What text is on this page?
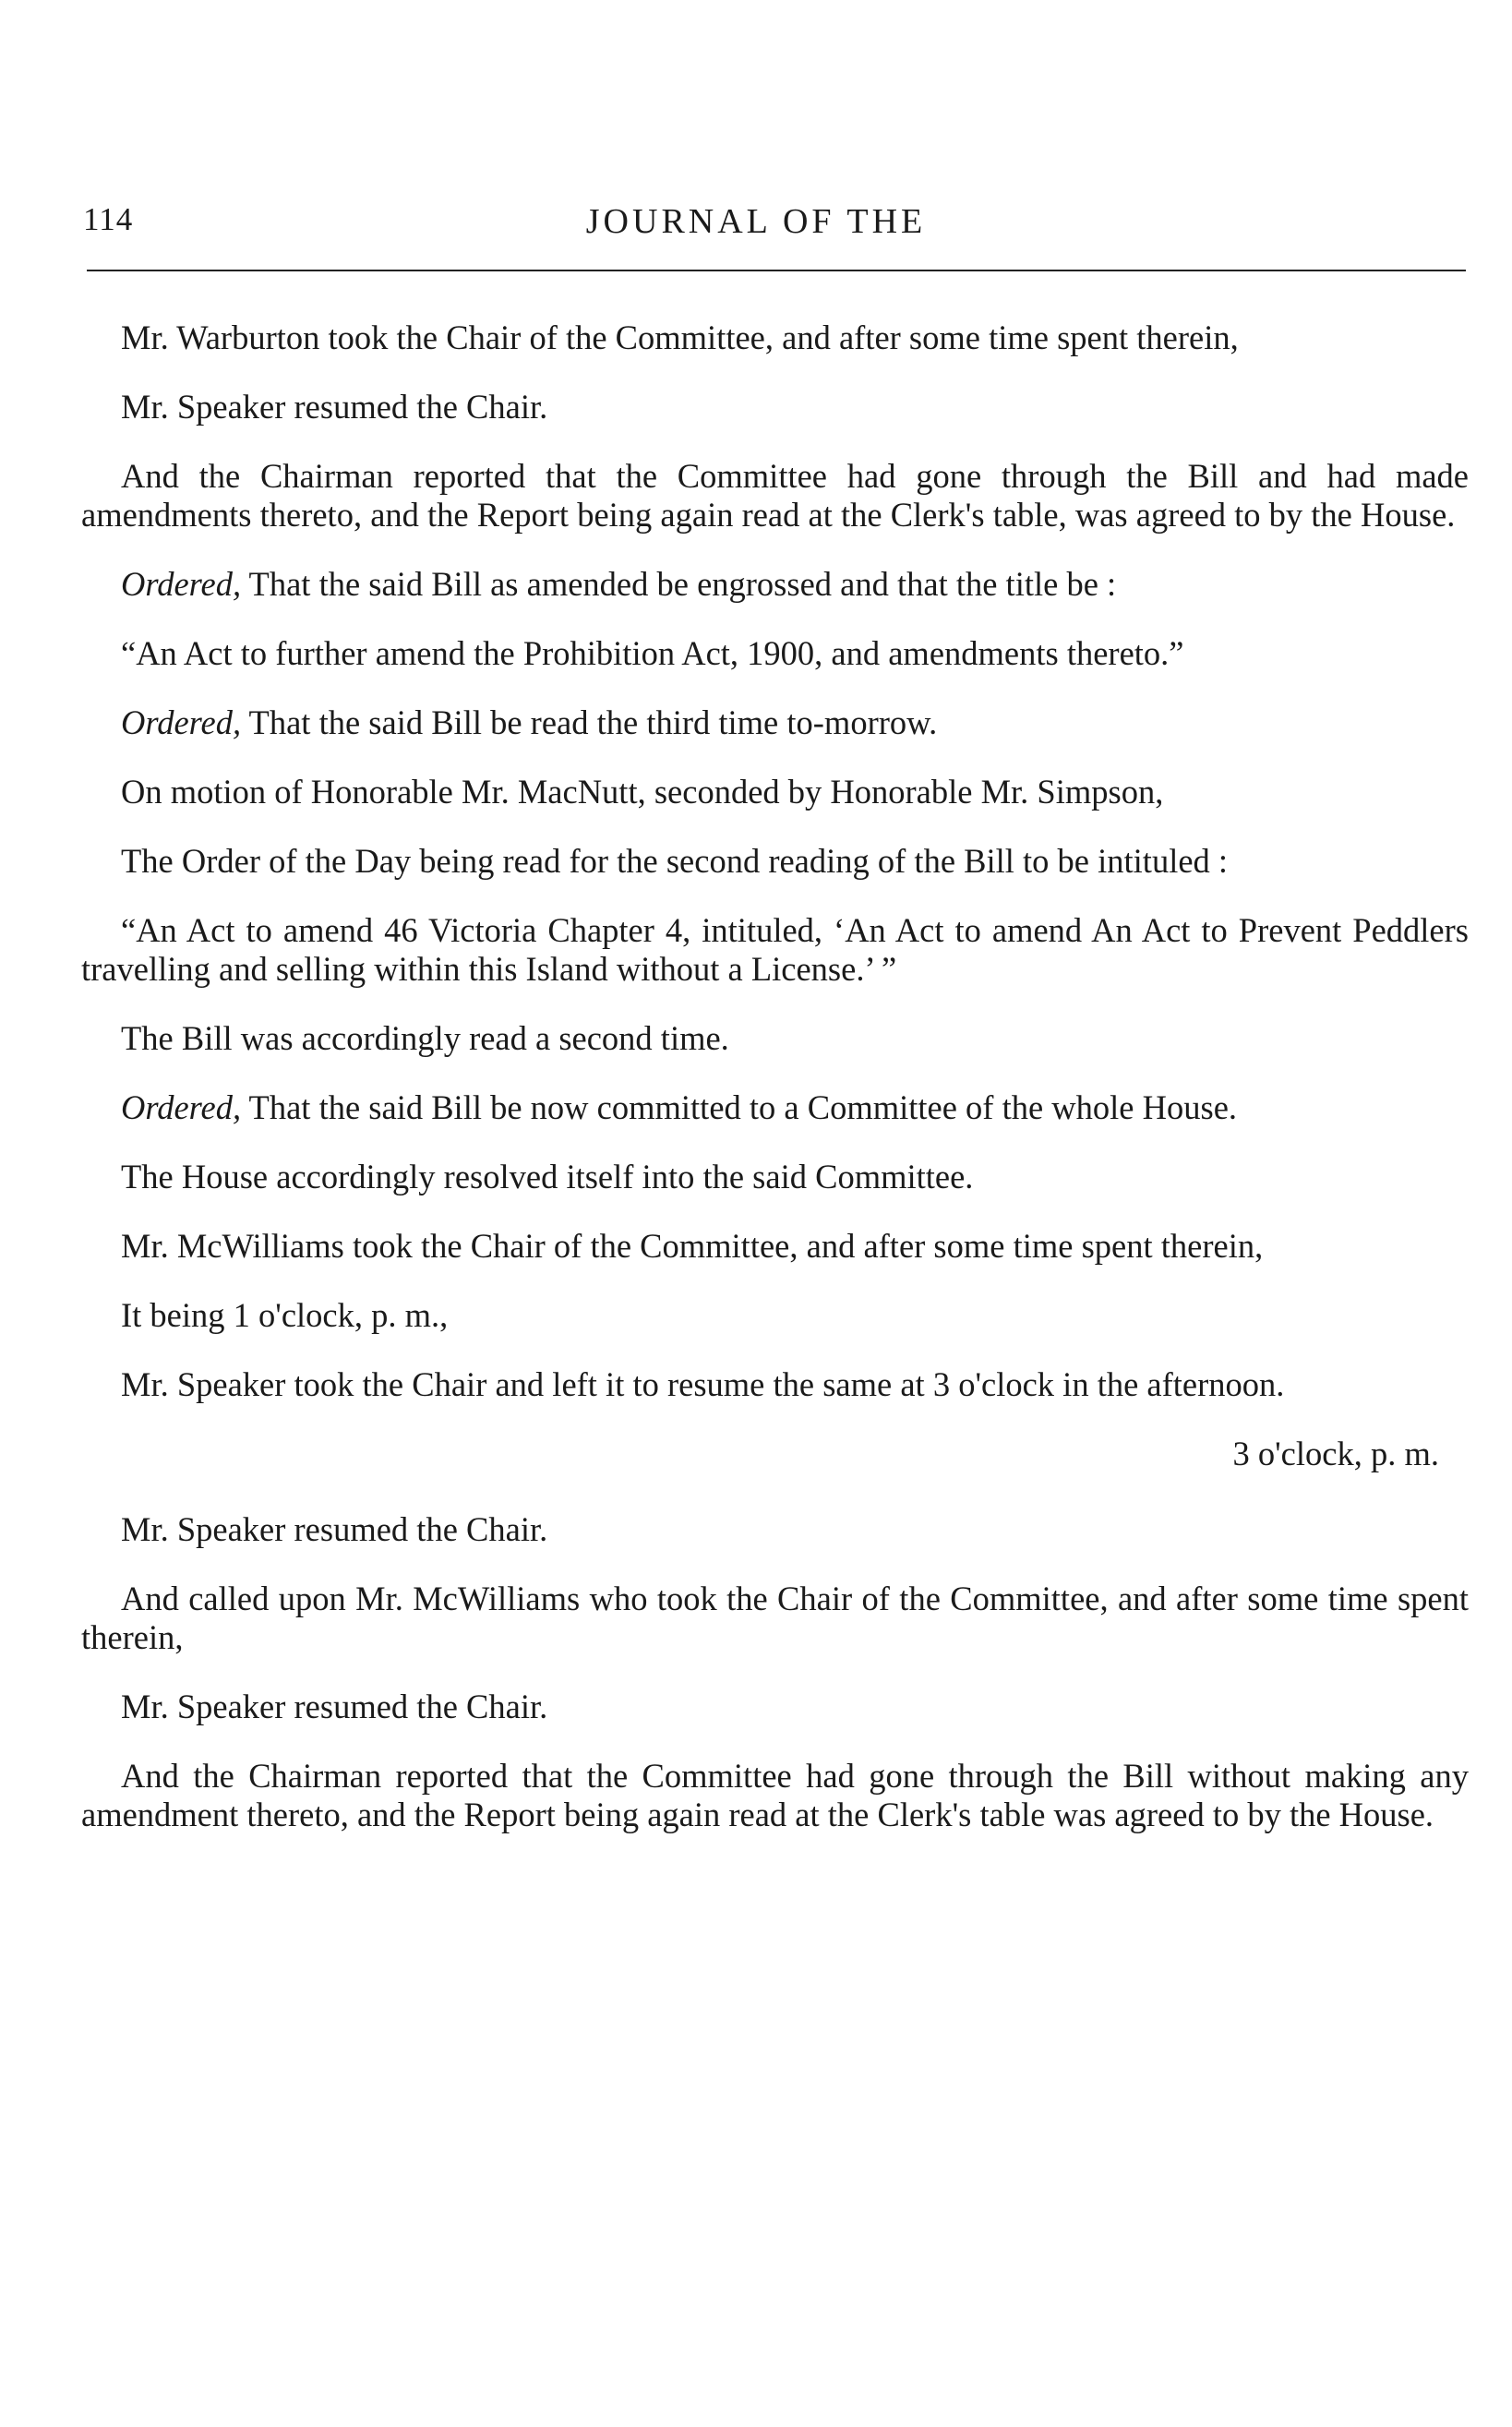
114	JOURNAL OF THE

Mr. Warburton took the Chair of the Committee, and after some time spent therein,

Mr. Speaker resumed the Chair.

And the Chairman reported that the Committee had gone through the Bill and had made amendments thereto, and the Report being again read at the Clerk's table, was agreed to by the House.

Ordered, That the said Bill as amended be engrossed and that the title be :

“An Act to further amend the Prohibition Act, 1900, and amendments thereto.”

Ordered, That the said Bill be read the third time to-morrow.

On motion of Honorable Mr. MacNutt, seconded by Honorable Mr. Simpson,

The Order of the Day being read for the second reading of the Bill to be intituled :

“An Act to amend 46 Victoria Chapter 4, intituled, ‘An Act to amend An Act to Prevent Peddlers travelling and selling within this Island without a License.’ ”

The Bill was accordingly read a second time.

Ordered, That the said Bill be now committed to a Committee of the whole House.

The House accordingly resolved itself into the said Committee.

Mr. McWilliams took the Chair of the Committee, and after some time spent therein,

It being 1 o'clock, p. m.,

Mr. Speaker took the Chair and left it to resume the same at 3 o'clock in the afternoon.

3 o'clock, p. m.

Mr. Speaker resumed the Chair.

And called upon Mr. McWilliams who took the Chair of the Committee, and after some time spent therein,

Mr. Speaker resumed the Chair.

And the Chairman reported that the Committee had gone through the Bill without making any amendment thereto, and the Report being again read at the Clerk's table was agreed to by the House.
